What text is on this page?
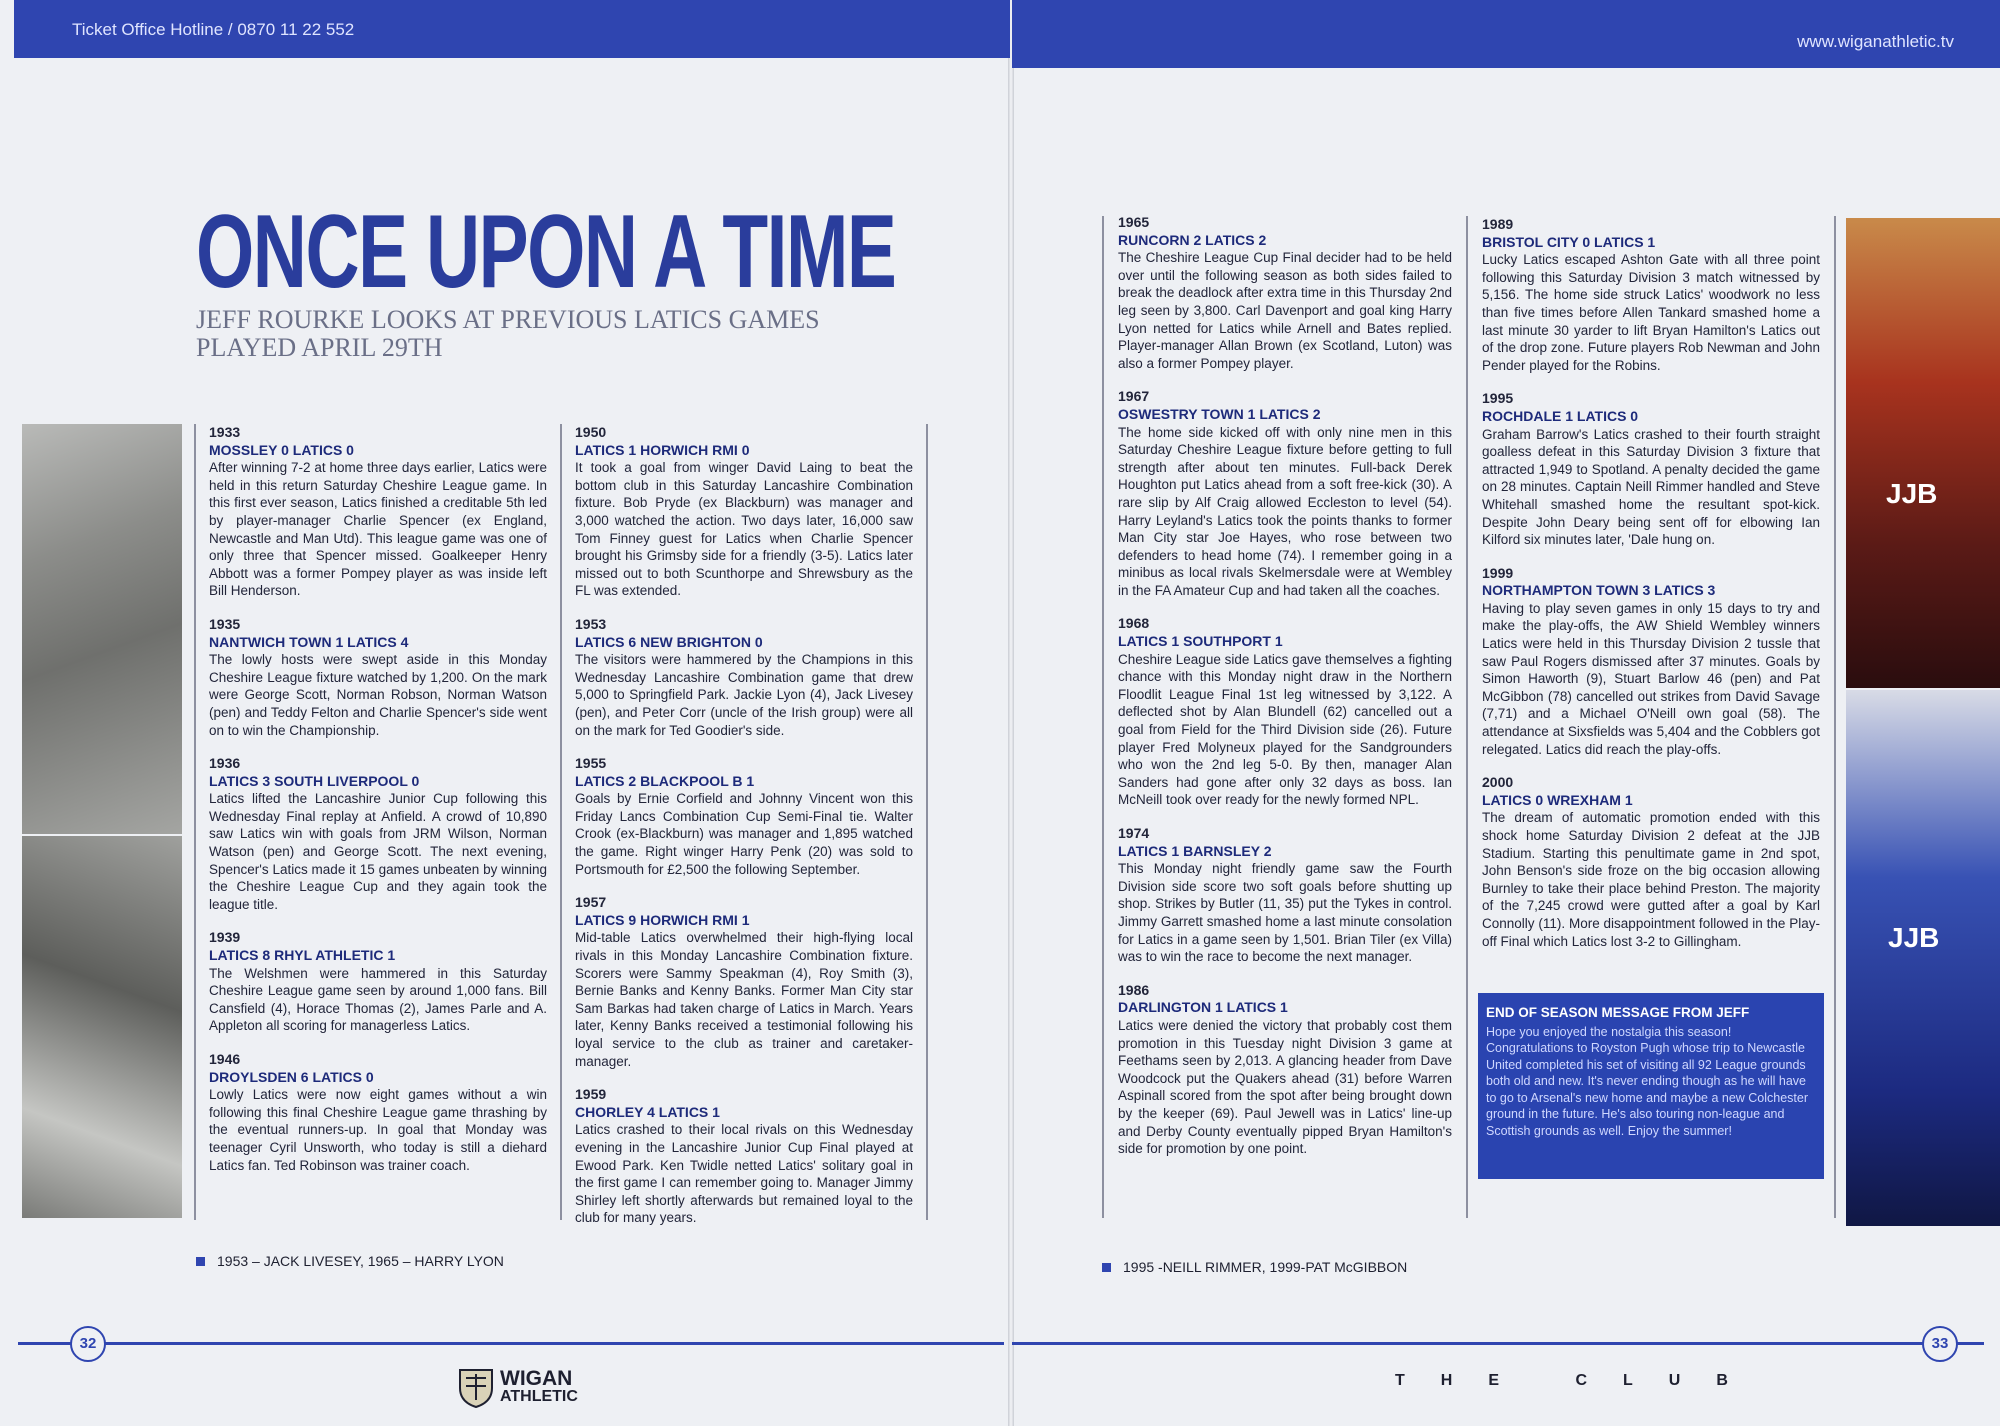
Ticket Office Hotline / 0870 11 22 552
www.wiganathletic.tv
ONCE UPON A TIME
JEFF ROURKE LOOKS AT PREVIOUS LATICS GAMES PLAYED APRIL 29TH
1933
MOSSLEY 0 LATICS 0
After winning 7-2 at home three days earlier, Latics were held in this return Saturday Cheshire League game. In this first ever season, Latics finished a creditable 5th led by player-manager Charlie Spencer (ex England, Newcastle and Man Utd). This league game was one of only three that Spencer missed. Goalkeeper Henry Abbott was a former Pompey player as was inside left Bill Henderson.
1935
NANTWICH TOWN 1 LATICS 4
The lowly hosts were swept aside in this Monday Cheshire League fixture watched by 1,200. On the mark were George Scott, Norman Robson, Norman Watson (pen) and Teddy Felton and Charlie Spencer's side went on to win the Championship.
1936
LATICS 3 SOUTH LIVERPOOL 0
Latics lifted the Lancashire Junior Cup following this Wednesday Final replay at Anfield. A crowd of 10,890 saw Latics win with goals from JRM Wilson, Norman Watson (pen) and George Scott. The next evening, Spencer's Latics made it 15 games unbeaten by winning the Cheshire League Cup and they again took the league title.
1939
LATICS 8 RHYL ATHLETIC 1
The Welshmen were hammered in this Saturday Cheshire League game seen by around 1,000 fans. Bill Cansfield (4), Horace Thomas (2), James Parle and A. Appleton all scoring for managerless Latics.
1946
DROYLSDEN 6 LATICS 0
Lowly Latics were now eight games without a win following this final Cheshire League game thrashing by the eventual runners-up. In goal that Monday was teenager Cyril Unsworth, who today is still a diehard Latics fan. Ted Robinson was trainer coach.
1950
LATICS 1 HORWICH RMI 0
It took a goal from winger David Laing to beat the bottom club in this Saturday Lancashire Combination fixture. Bob Pryde (ex Blackburn) was manager and 3,000 watched the action. Two days later, 16,000 saw Tom Finney guest for Latics when Charlie Spencer brought his Grimsby side for a friendly (3-5). Latics later missed out to both Scunthorpe and Shrewsbury as the FL was extended.
1953
LATICS 6 NEW BRIGHTON 0
The visitors were hammered by the Champions in this Wednesday Lancashire Combination game that drew 5,000 to Springfield Park. Jackie Lyon (4), Jack Livesey (pen), and Peter Corr (uncle of the Irish group) were all on the mark for Ted Goodier's side.
1955
LATICS 2 BLACKPOOL B 1
Goals by Ernie Corfield and Johnny Vincent won this Friday Lancs Combination Cup Semi-Final tie. Walter Crook (ex-Blackburn) was manager and 1,895 watched the game. Right winger Harry Penk (20) was sold to Portsmouth for £2,500 the following September.
1957
LATICS 9 HORWICH RMI 1
Mid-table Latics overwhelmed their high-flying local rivals in this Monday Lancashire Combination fixture. Scorers were Sammy Speakman (4), Roy Smith (3), Bernie Banks and Kenny Banks. Former Man City star Sam Barkas had taken charge of Latics in March. Years later, Kenny Banks received a testimonial following his loyal service to the club as trainer and caretaker-manager.
1959
CHORLEY 4 LATICS 1
Latics crashed to their local rivals on this Wednesday evening in the Lancashire Junior Cup Final played at Ewood Park. Ken Twidle netted Latics' solitary goal in the first game I can remember going to. Manager Jimmy Shirley left shortly afterwards but remained loyal to the club for many years.
1965
RUNCORN 2 LATICS 2
The Cheshire League Cup Final decider had to be held over until the following season as both sides failed to break the deadlock after extra time in this Thursday 2nd leg seen by 3,800. Carl Davenport and goal king Harry Lyon netted for Latics while Arnell and Bates replied. Player-manager Allan Brown (ex Scotland, Luton) was also a former Pompey player.
1967
OSWESTRY TOWN 1 LATICS 2
The home side kicked off with only nine men in this Saturday Cheshire League fixture before getting to full strength after about ten minutes. Full-back Derek Houghton put Latics ahead from a soft free-kick (30). A rare slip by Alf Craig allowed Eccleston to level (54). Harry Leyland's Latics took the points thanks to former Man City star Joe Hayes, who rose between two defenders to head home (74). I remember going in a minibus as local rivals Skelmersdale were at Wembley in the FA Amateur Cup and had taken all the coaches.
1968
LATICS 1 SOUTHPORT 1
Cheshire League side Latics gave themselves a fighting chance with this Monday night draw in the Northern Floodlit League Final 1st leg witnessed by 3,122. A deflected shot by Alan Blundell (62) cancelled out a goal from Field for the Third Division side (26). Future player Fred Molyneux played for the Sandgrounders who won the 2nd leg 5-0. By then, manager Alan Sanders had gone after only 32 days as boss. Ian McNeill took over ready for the newly formed NPL.
1974
LATICS 1 BARNSLEY 2
This Monday night friendly game saw the Fourth Division side score two soft goals before shutting up shop. Strikes by Butler (11, 35) put the Tykes in control. Jimmy Garrett smashed home a last minute consolation for Latics in a game seen by 1,501. Brian Tiler (ex Villa) was to win the race to become the next manager.
1986
DARLINGTON 1 LATICS 1
Latics were denied the victory that probably cost them promotion in this Tuesday night Division 3 game at Feethams seen by 2,013. A glancing header from Dave Woodcock put the Quakers ahead (31) before Warren Aspinall scored from the spot after being brought down by the keeper (69). Paul Jewell was in Latics' line-up and Derby County eventually pipped Bryan Hamilton's side for promotion by one point.
1989
BRISTOL CITY 0 LATICS 1
Lucky Latics escaped Ashton Gate with all three point following this Saturday Division 3 match witnessed by 5,156. The home side struck Latics' woodwork no less than five times before Allen Tankard smashed home a last minute 30 yarder to lift Bryan Hamilton's Latics out of the drop zone. Future players Rob Newman and John Pender played for the Robins.
1995
ROCHDALE 1 LATICS 0
Graham Barrow's Latics crashed to their fourth straight goalless defeat in this Saturday Division 3 fixture that attracted 1,949 to Spotland. A penalty decided the game on 28 minutes. Captain Neill Rimmer handled and Steve Whitehall smashed home the resultant spot-kick. Despite John Deary being sent off for elbowing Ian Kilford six minutes later, 'Dale hung on.
1999
NORTHAMPTON TOWN 3 LATICS 3
Having to play seven games in only 15 days to try and make the play-offs, the AW Shield Wembley winners Latics were held in this Thursday Division 2 tussle that saw Paul Rogers dismissed after 37 minutes. Goals by Simon Haworth (9), Stuart Barlow 46 (pen) and Pat McGibbon (78) cancelled out strikes from David Savage (7,71) and a Michael O'Neill own goal (58). The attendance at Sixsfields was 5,404 and the Cobblers got relegated. Latics did reach the play-offs.
2000
LATICS 0 WREXHAM 1
The dream of automatic promotion ended with this shock home Saturday Division 2 defeat at the JJB Stadium. Starting this penultimate game in 2nd spot, John Benson's side froze on the big occasion allowing Burnley to take their place behind Preston. The majority of the 7,245 crowd were gutted after a goal by Karl Connolly (11). More disappointment followed in the Play-off Final which Latics lost 3-2 to Gillingham.
END OF SEASON MESSAGE FROM JEFF
Hope you enjoyed the nostalgia this season! Congratulations to Royston Pugh whose trip to Newcastle United completed his set of visiting all 92 League grounds both old and new. It's never ending though as he will have to go to Arsenal's new home and maybe a new Colchester ground in the future. He's also touring non-league and Scottish grounds as well. Enjoy the summer!
JJB
JJB
1953 – JACK LIVESEY, 1965 – HARRY LYON	1995 -NEILL RIMMER, 1999-PAT McGIBBON
32	33
WIGAN
ATHLETIC
THE CLUB
